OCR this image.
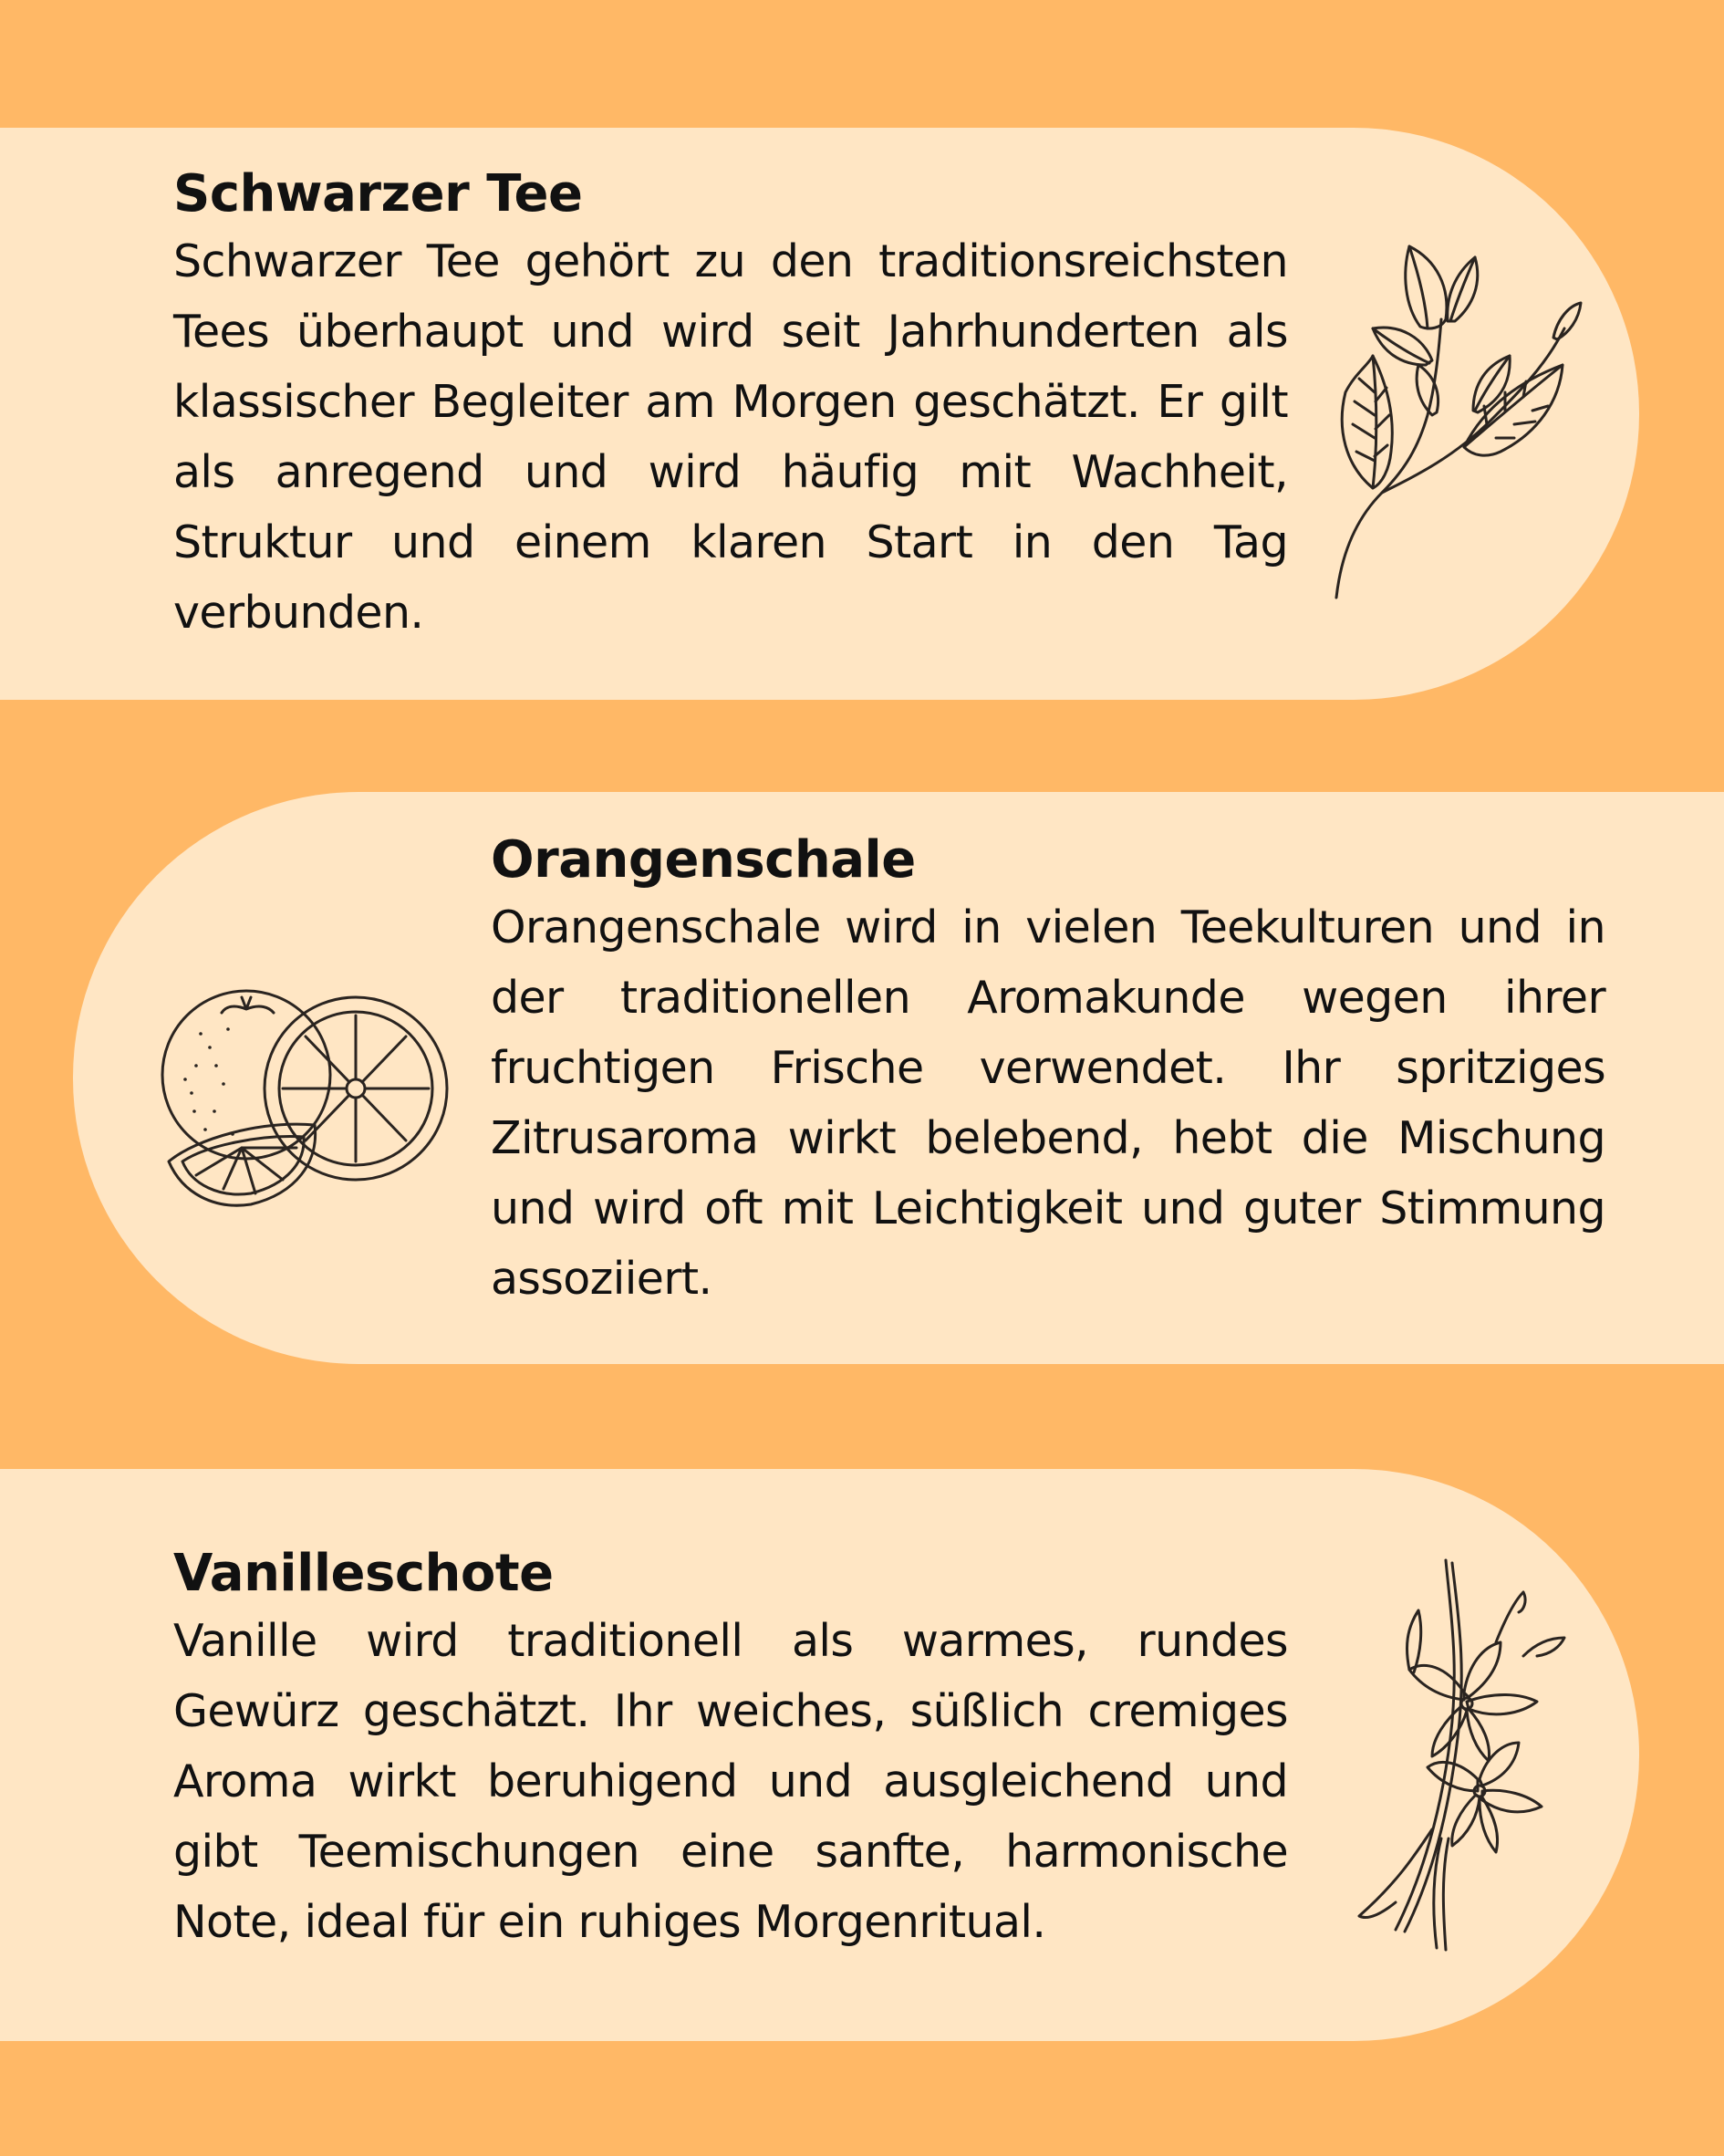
Schwarzer Tee

Schwarzer Tee gehört zu den traditionsreichsten Tees überhaupt und wird seit Jahrhunderten als klassischer Begleiter am Morgen geschätzt. Er gilt als anregend und wird häufig mit Wachheit, Struktur und einem klaren Start in den Tag verbunden.

Orangenschale

Orangenschale wird in vielen Teekulturen und in der traditionellen Aromakunde wegen ihrer fruchtigen Frische verwendet. Ihr spritziges Zitrusaroma wirkt belebend, hebt die Mischung und wird oft mit Leichtigkeit und guter Stimmung assoziiert.

Vanilleschote

Vanille wird traditionell als warmes, rundes Gewürz geschätzt. Ihr weiches, süßlich cremiges Aroma wirkt beruhigend und ausgleichend und gibt Teemischungen eine sanfte, harmonische Note, ideal für ein ruhiges Morgenritual.
